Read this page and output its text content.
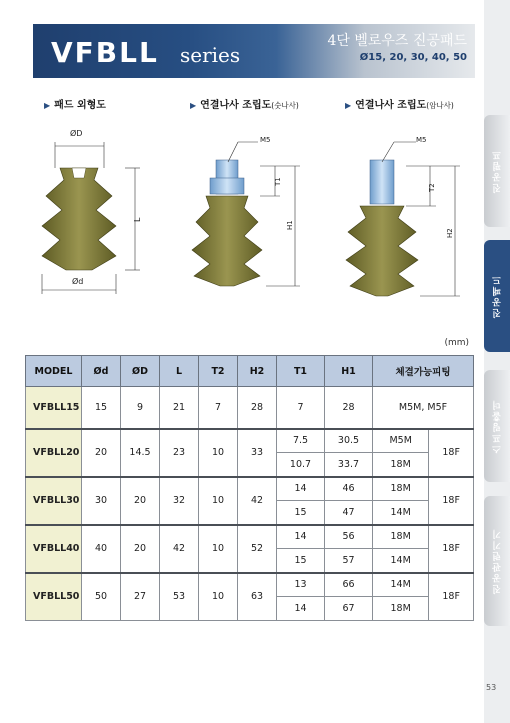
진공펌프
진공패드
스프링홀더
진공관련기기
VFBLL series
4단 벨로우즈 진공패드
Ø15, 20, 30, 40, 50
▶ 패드 외형도	▶ 연결나사 조립도(숫나사)	▶ 연결나사 조립도(암나사)
ØD
L
Ød
M5
T1
H1
M5
T2
H2
(mm)
MODEL	Ød	ØD	L	T2	H2	T1	H1	체결가능피팅	
VFBLL15	15	9	21	7	28	7	28	M5M, M5F	
VFBLL20	20	14.5	23	10	33	7.5	30.5	M5M	18F
						10.7	33.7	18M	
VFBLL30	30	20	32	10	42	14	46	18M	18F
						15	47	14M	
VFBLL40	40	20	42	10	52	14	56	18M	18F
						15	57	14M	
VFBLL50	50	27	53	10	63	13	66	14M	18F
						14	67	18M	
53
